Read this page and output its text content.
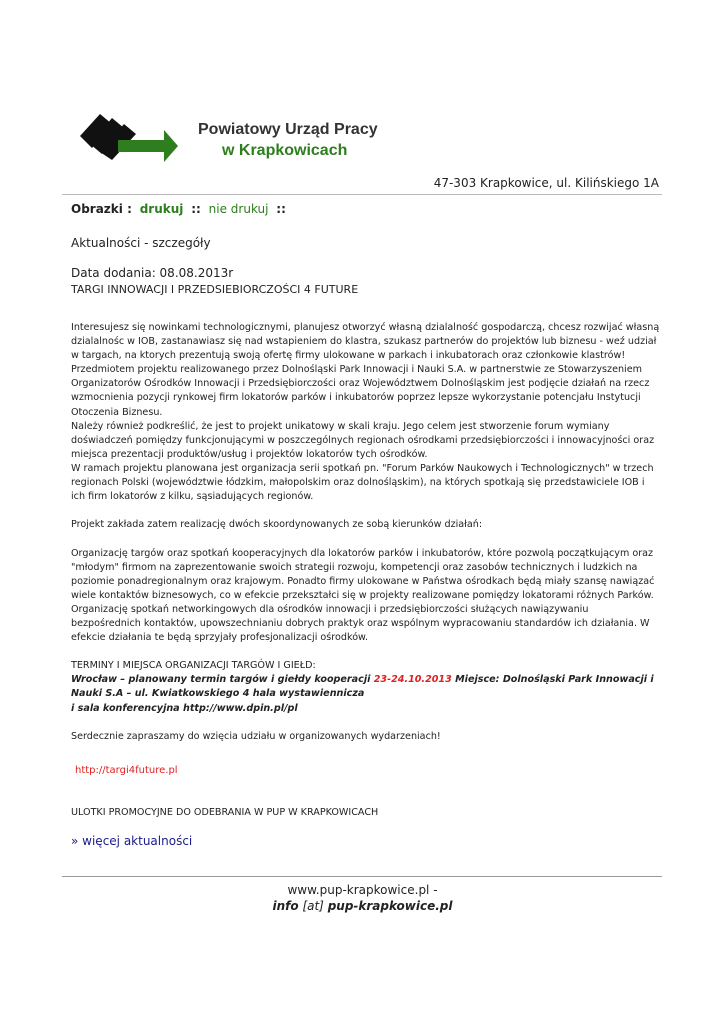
Powiatowy Urząd Pracy
w Krapkowicach
47-303 Krapkowice, ul. Kilińskiego 1A
Obrazki : drukuj :: nie drukuj ::
Aktualności - szczegóły
Data dodania: 08.08.2013r
TARGI INNOWACJI I PRZEDSIEBIORCZOŚCI 4 FUTURE

Interesujesz się nowinkami technologicznymi, planujesz otworzyć własną dzialalność gospodarczą, chcesz rozwijać własną dzialalnośc w IOB, zastanawiasz się nad wstapieniem do klastra, szukasz partnerów do projektów lub biznesu - weź udział w targach, na ktorych prezentują swoją ofertę firmy ulokowane w parkach i inkubatorach oraz członkowie klastrów! Przedmiotem projektu realizowanego przez Dolnośląski Park Innowacji i Nauki S.A. w partnerstwie ze Stowarzyszeniem Organizatorów Ośrodków Innowacji i Przedsiębiorczości oraz Województwem Dolnośląskim jest podjęcie działań na rzecz wzmocnienia pozycji rynkowej firm lokatorów parków i inkubatorów poprzez lepsze wykorzystanie potencjału Instytucji Otoczenia Biznesu.

Należy również podkreślić, że jest to projekt unikatowy w skali kraju. Jego celem jest stworzenie forum wymiany doświadczeń pomiędzy funkcjonującymi w poszczególnych regionach ośrodkami przedsiębiorczości i innowacyjności oraz miejsca prezentacji produktów/usług i projektów lokatorów tych ośrodków.

W ramach projektu planowana jest organizacja serii spotkań pn. "Forum Parków Naukowych i Technologicznych" w trzech regionach Polski (województwie łódzkim, małopolskim oraz dolnośląskim), na których spotkają się przedstawiciele IOB i ich firm lokatorów z kilku, sąsiadujących regionów.

Projekt zakłada zatem realizację dwóch skoordynowanych ze sobą kierunków działań:

Organizację targów oraz spotkań kooperacyjnych dla lokatorów parków i inkubatorów, które pozwolą początkującym oraz "młodym" firmom na zaprezentowanie swoich strategii rozwoju, kompetencji oraz zasobów technicznych i ludzkich na poziomie ponadregionalnym oraz krajowym. Ponadto firmy ulokowane w Państwa ośrodkach będą miały szansę nawiązać wiele kontaktów biznesowych, co w efekcie przekształci się w projekty realizowane pomiędzy lokatorami różnych Parków.

Organizację spotkań networkingowych dla ośrodków innowacji i przedsiębiorczości służących nawiązywaniu bezpośrednich kontaktów, upowszechnianiu dobrych praktyk oraz wspólnym wypracowaniu standardów ich działania. W efekcie działania te będą sprzyjały profesjonalizacji ośrodków.

TERMINY I MIEJSCA ORGANIZACJI TARGÓW I GIEŁD:

Wrocław – planowany termin targów i giełdy kooperacji 23-24.10.2013 Miejsce: Dolnośląski Park Innowacji i Nauki S.A – ul. Kwiatkowskiego 4 hala wystawiennicza
i sala konferencyjna http://www.dpin.pl/pl

Serdecznie zapraszamy do wzięcia udziału w organizowanych wydarzeniach!

http://targi4future.pl
ULOTKI PROMOCYJNE DO ODEBRANIA W PUP W KRAPKOWICACH
» więcej aktualności
www.pup-krapkowice.pl -
info [at] pup-krapkowice.pl
